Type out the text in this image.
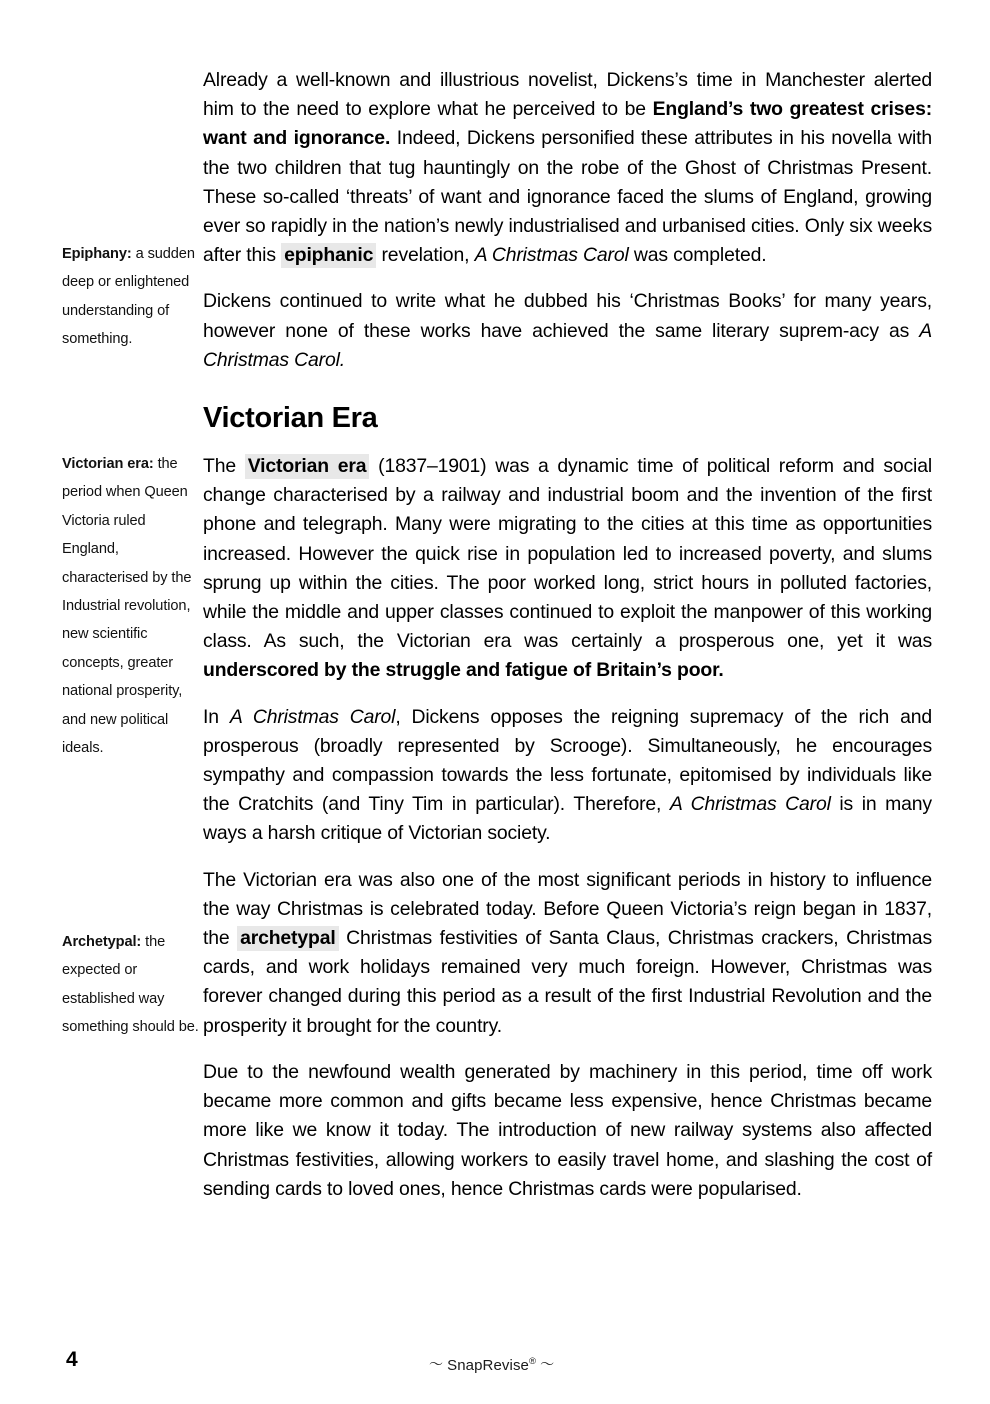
Epiphany: a sudden deep or enlightened understanding of something.
Victorian era: the period when Queen Victoria ruled England, characterised by the Industrial revolution, new scientific concepts, greater national prosperity, and new political ideals.
Archetypal: the expected or established way something should be.

Already a well-known and illustrious novelist, Dickens’s time in Manchester alerted him to the need to explore what he perceived to be England’s two greatest crises: want and ignorance. Indeed, Dickens personified these attributes in his novella with the two children that tug hauntingly on the robe of the Ghost of Christmas Present. These so-called ‘threats’ of want and ignorance faced the slums of England, growing ever so rapidly in the nation’s newly industrialised and urbanised cities. Only six weeks after this epiphanic revelation, A Christmas Carol was completed.

Dickens continued to write what he dubbed his ‘Christmas Books’ for many years, however none of these works have achieved the same literary suprem-acy as A Christmas Carol.

Victorian Era

The Victorian era (1837–1901) was a dynamic time of political reform and social change characterised by a railway and industrial boom and the invention of the first phone and telegraph. Many were migrating to the cities at this time as opportunities increased. However the quick rise in population led to increased poverty, and slums sprung up within the cities. The poor worked long, strict hours in polluted factories, while the middle and upper classes continued to exploit the manpower of this working class. As such, the Victorian era was certainly a prosperous one, yet it was underscored by the struggle and fatigue of Britain’s poor.

In A Christmas Carol, Dickens opposes the reigning supremacy of the rich and prosperous (broadly represented by Scrooge). Simultaneously, he encourages sympathy and compassion towards the less fortunate, epitomised by individuals like the Cratchits (and Tiny Tim in particular). Therefore, A Christmas Carol is in many ways a harsh critique of Victorian society.

The Victorian era was also one of the most significant periods in history to influence the way Christmas is celebrated today. Before Queen Victoria’s reign began in 1837, the archetypal Christmas festivities of Santa Claus, Christmas crackers, Christmas cards, and work holidays remained very much foreign. However, Christmas was forever changed during this period as a result of the first Industrial Revolution and the prosperity it brought for the country.

Due to the newfound wealth generated by machinery in this period, time off work became more common and gifts became less expensive, hence Christmas became more like we know it today. The introduction of new railway systems also affected Christmas festivities, allowing workers to easily travel home, and slashing the cost of sending cards to loved ones, hence Christmas cards were popularised.

4	〜 SnapRevise® 〜
